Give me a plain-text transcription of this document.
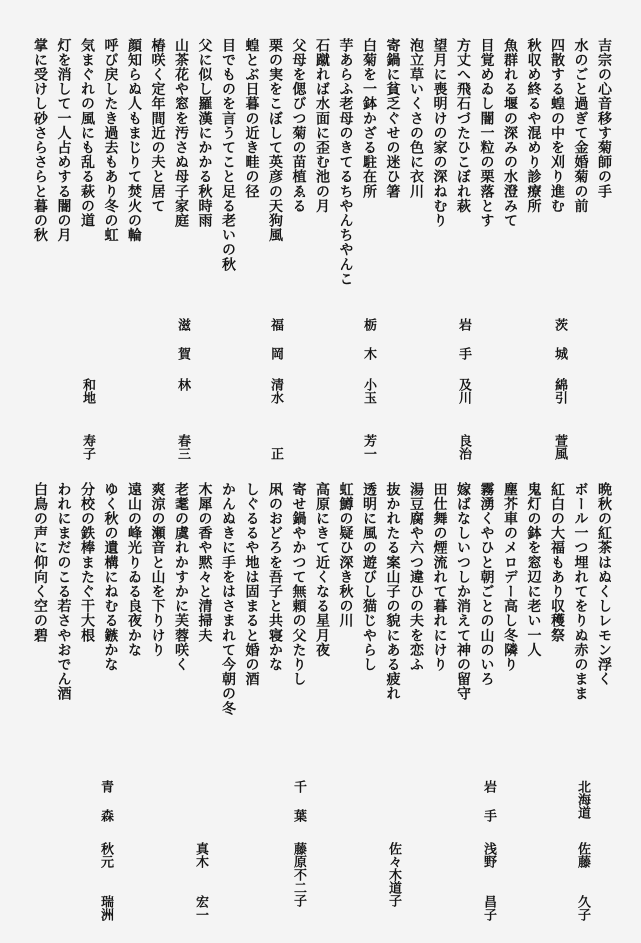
吉宗の心音移す菊師の手
水のごと過ぎて金婚菊の前
四散する蝗の中を刈り進む
秋収め終るや混めり診療所
魚群れる堰の深みの水澄みて
目覚めゐし闇一粒の栗落とす
方丈へ飛石づたひこぼれ萩
望月に喪明けの家の深ねむり
泡立草いくさの色に衣川
寄鍋に貧乏ぐせの迷ひ箸
白菊を一鉢かざる駐在所
芋あらふ老母のきてるちやんちやんこ
石蹴れば水面に歪む池の月
父母を偲びつ菊の苗植ゑる
栗の実をこぼして英彦の天狗風
蝗とぶ日暮の近き畦の径
目でものを言うてこと足る老いの秋
父に似し羅漢にかかる秋時雨
山茶花や窓を汚さぬ母子家庭
椿咲く定年間近の夫と居て
顔知らぬ人もまじりて焚火の輪
呼び戻したき過去もあり冬の虹
気まぐれの風にも乱る萩の道
灯を消して一人占めする闇の月
掌に受けし砂さらさらと暮の秋
晩秋の紅茶はぬくしレモン浮く
ボール一つ埋れてをりぬ赤のまま
紅白の大福もあり収穫祭
鬼灯の鉢を窓辺に老い一人
塵芥車のメロデー高し冬隣り
霧湧くやひと朝ごとの山のいろ
嫁ばなしいつしか消えて神の留守
田仕舞の煙流れて暮れにけり
湯豆腐や六つ違ひの夫を恋ふ
抜かれたる案山子の貌にある疲れ
透明に風の遊びし猫じやらし
虹鱒の疑ひ深き秋の川
高原にきて近くなる星月夜
寄せ鍋やかつて無頼の父たりし
凩のおどろを吾子と共寝かな
しぐるるや地は固まると婚の酒
かんぬきに手をはさまれて今朝の冬
木犀の香や黙々と清掃夫
老耄の虞れかすかに芙蓉咲く
爽涼の瀬音と山を下りけり
遠山の峰光りゐる良夜かな
ゆく秋の遺構にねむる鏃かな
分校の鉄棒またぐ干大根
われにまだのこる若さやおでん酒
白鳥の声に仰向く空の碧
茨城
綿引
萱風
岩手
及川
良治
栃木
小玉
芳一
福岡
清水
正
滋賀
林
春三
和地
寿子
北海道
佐藤
久子
岩手
浅野
昌子
佐々木道子
千葉
藤原不二子
真木
宏一
青森
秋元
瑞洲
